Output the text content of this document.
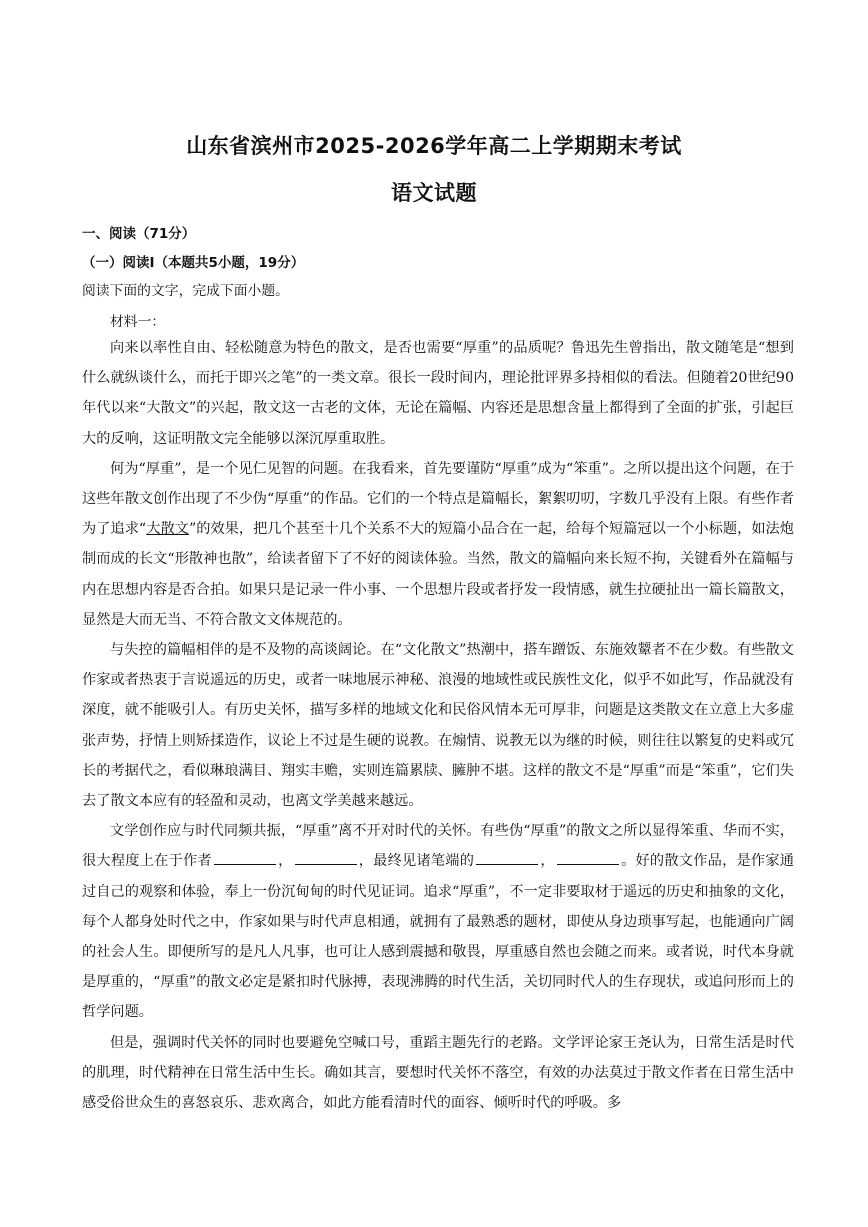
山东省滨州市2025-2026学年高二上学期期末考试
语文试题
一、阅读（71分）
（一）阅读Ⅰ（本题共5小题，19分）
阅读下面的文字，完成下面小题。
材料一：

向来以率性自由、轻松随意为特色的散文，是否也需要“厚重”的品质呢？鲁迅先生曾指出，散文随笔是“想到什么就纵谈什么，而托于即兴之笔”的一类文章。很长一段时间内，理论批评界多持相似的看法。但随着20世纪90年代以来“大散文”的兴起，散文这一古老的文体，无论在篇幅、内容还是思想含量上都得到了全面的扩张，引起巨大的反响，这证明散文完全能够以深沉厚重取胜。

何为“厚重”，是一个见仁见智的问题。在我看来，首先要谨防“厚重”成为“笨重”。之所以提出这个问题，在于这些年散文创作出现了不少伪“厚重”的作品。它们的一个特点是篇幅长，絮絮叨叨，字数几乎没有上限。有些作者为了追求“大散文”的效果，把几个甚至十几个关系不大的短篇小品合在一起，给每个短篇冠以一个小标题，如法炮制而成的长文“形散神也散”，给读者留下了不好的阅读体验。当然，散文的篇幅向来长短不拘，关键看外在篇幅与内在思想内容是否合拍。如果只是记录一件小事、一个思想片段或者抒发一段情感，就生拉硬扯出一篇长篇散文，显然是大而无当、不符合散文文体规范的。

与失控的篇幅相伴的是不及物的高谈阔论。在“文化散文”热潮中，搭车蹭饭、东施效颦者不在少数。有些散文作家或者热衷于言说遥远的历史，或者一味地展示神秘、浪漫的地域性或民族性文化，似乎不如此写，作品就没有深度，就不能吸引人。有历史关怀，描写多样的地域文化和民俗风情本无可厚非，问题是这类散文在立意上大多虚张声势，抒情上则矫揉造作，议论上不过是生硬的说教。在煽情、说教无以为继的时候，则往往以繁复的史料或冗长的考据代之，看似琳琅满目、翔实丰赡，实则连篇累牍、臃肿不堪。这样的散文不是“厚重”而是“笨重”，它们失去了散文本应有的轻盈和灵动，也离文学美越来越远。

文学创作应与时代同频共振，“厚重”离不开对时代的关怀。有些伪“厚重”的散文之所以显得笨重、华而不实，很大程度上在于作者	，	，最终见诸笔端的	，	。好的散文作品，是作家通过自己的观察和体验，奉上一份沉甸甸的时代见证词。追求“厚重”，不一定非要取材于遥远的历史和抽象的文化，每个人都身处时代之中，作家如果与时代声息相通，就拥有了最熟悉的题材，即使从身边琐事写起，也能通向广阔的社会人生。即便所写的是凡人凡事，也可让人感到震撼和敬畏，厚重感自然也会随之而来。或者说，时代本身就是厚重的，“厚重”的散文必定是紧扣时代脉搏，表现沸腾的时代生活，关切同时代人的生存现状，或追问形而上的哲学问题。

但是，强调时代关怀的同时也要避免空喊口号，重蹈主题先行的老路。文学评论家王尧认为，日常生活是时代的肌理，时代精神在日常生活中生长。确如其言，要想时代关怀不落空，有效的办法莫过于散文作者在日常生活中感受俗世众生的喜怒哀乐、悲欢离合，如此方能看清时代的面容、倾听时代的呼吸。多
